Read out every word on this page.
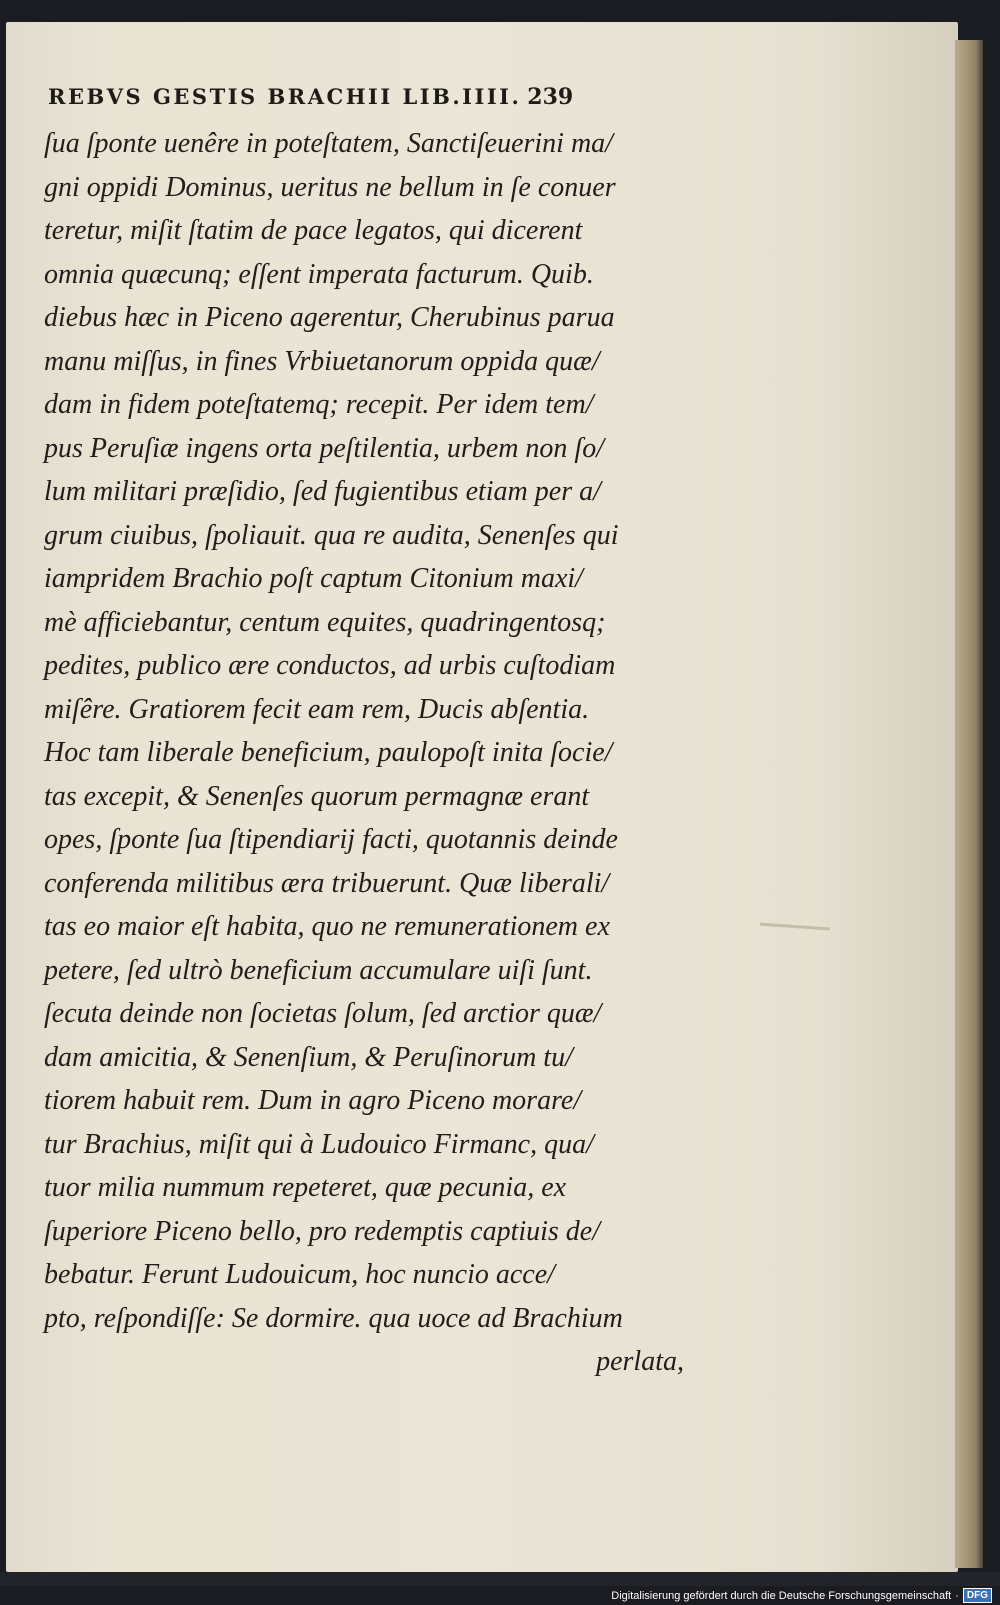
REBVS GESTIS BRACHII LIB.IIII. 239
ſua ſponte uenêre in poteſtatem, Sanctiſeuerini ma/
gni oppidi Dominus, ueritus ne bellum in ſe conuer
teretur, miſit ſtatim de pace legatos, qui dicerent
omnia quæcunq; eſſent imperata facturum. Quib.
diebus hæc in Piceno agerentur, Cherubinus parua
manu miſſus, in fines Vrbiuetanorum oppida quæ/
dam in fidem poteſtatemq; recepit. Per idem tem/
pus Peruſiæ ingens orta peſtilentia, urbem non ſo/
lum militari præſidio, ſed fugientibus etiam per a/
grum ciuibus, ſpoliauit. qua re audita, Senenſes qui
iampridem Brachio poſt captum Citonium maxi/
mè afficiebantur, centum equites, quadringentosq;
pedites, publico ære conductos, ad urbis cuſtodiam
miſêre. Gratiorem fecit eam rem, Ducis abſentia.
Hoc tam liberale beneficium, paulopoſt inita ſocie/
tas excepit, & Senenſes quorum permagnæ erant
opes, ſponte ſua ſtipendiarij facti, quotannis deinde
conferenda militibus æra tribuerunt. Quæ liberali/
tas eo maior eſt habita, quo ne remunerationem ex
petere, ſed ultrò beneficium accumulare uiſi ſunt.
ſecuta deinde non ſocietas ſolum, ſed arctior quæ/
dam amicitia, & Senenſium, & Peruſinorum tu/
tiorem habuit rem. Dum in agro Piceno morare/
tur Brachius, miſit qui à Ludouico Firmanc, qua/
tuor milia nummum repeteret, quæ pecunia, ex
ſuperiore Piceno bello, pro redemptis captiuis de/
bebatur. Ferunt Ludouicum, hoc nuncio acce/
pto, reſpondiſſe: Se dormire. qua uoce ad Brachium
perlata,
Digitalisierung gefördert durch die Deutsche Forschungsgemeinschaft · DFG
